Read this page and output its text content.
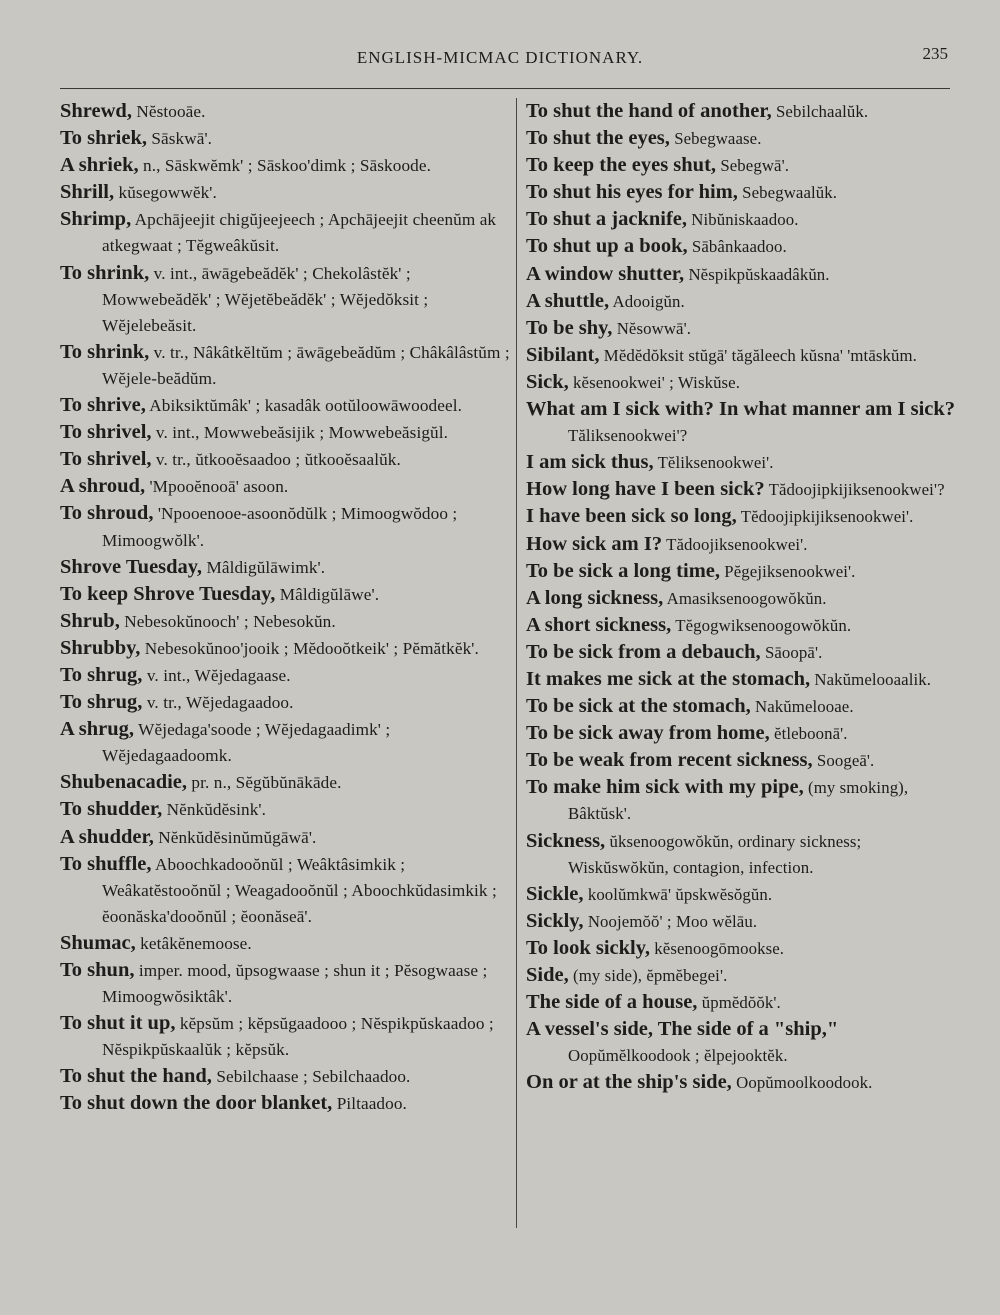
ENGLISH-MICMAC DICTIONARY.	235
Shrewd, Nĕstooāe.
To shriek, Sāskwā'.
A shriek, n., Sāskwĕmk' ; Sāskoo'dimk ; Sāskoode.
Shrill, kŭsegowwĕk'.
Shrimp, Apchājeejit chigŭjeejeech ; Apchājeejit cheenŭm ak atkegwaat ; Tĕgweâkŭsit.
To shrink, v. int., āwāgebeădĕk' ; Chekolâstĕk' ; Mowwebeădĕk' ; Wĕjetĕbeădĕk' ; Wĕjedŏksit ; Wĕjelebeăsit.
To shrink, v. tr., Nâkâtkĕltŭm ; āwāgebeădŭm ; Châkâlâstŭm ; Wĕjele-beădŭm.
To shrive, Abiksiktŭmâk' ; kasadâk ootŭloowāwoodeel.
To shrivel, v. int., Mowwebeăsijik ; Mowwebeăsigŭl.
To shrivel, v. tr., ŭtkooĕsaadoo ; ŭtkooĕsaalŭk.
A shroud, 'Mpooĕnooā' asoon.
To shroud, 'Npooenooe-asoonŏdŭlk ; Mimoogwŏdoo ; Mimoogwŏlk'.
Shrove Tuesday, Mâldigŭlāwimk'.
To keep Shrove Tuesday, Mâldigŭlāwe'.
Shrub, Nebesokŭnooch' ; Nebesokŭn.
Shrubby, Nebesokŭnoo'jooik ; Mĕdooŏtkeik' ; Pĕmătkĕk'.
To shrug, v. int., Wĕjedagaase.
To shrug, v. tr., Wĕjedagaadoo.
A shrug, Wĕjedaga'soode ; Wĕjedagaadimk' ; Wĕjedagaadoomk.
Shubenacadie, pr. n., Sĕgŭbŭnākāde.
To shudder, Nĕnkŭdĕsink'.
A shudder, Nĕnkŭdĕsinŭmŭgāwā'.
To shuffle, Aboochkadooŏnŭl ; Weâktâsimkik ; Weâkatĕstooŏnŭl ; Weagadooŏnŭl ; Aboochkŭdasimkik ; ĕoonăska'dooŏnŭl ; ĕoonăseā'.
Shumac, ketâkĕnemoose.
To shun, imper. mood, ŭpsogwaase ; shun it ; Pĕsogwaase ; Mimoogwŏsiktâk'.
To shut it up, kĕpsŭm ; kĕpsŭgaadooo ; Nĕspikpŭskaadoo ; Nĕspikpŭskaalŭk ; kĕpsŭk.
To shut the hand, Sebilchaase ; Sebilchaadoo.
To shut down the door blanket, Piltaadoo.
To shut the hand of another, Sebilchaalŭk.
To shut the eyes, Sebegwaase.
To keep the eyes shut, Sebegwā'.
To shut his eyes for him, Sebegwaalŭk.
To shut a jacknife, Nibŭniskaadoo.
To shut up a book, Sābânkaadoo.
A window shutter, Nĕspikpŭskaadâkŭn.
A shuttle, Adooigŭn.
To be shy, Nĕsowwā'.
Sibilant, Mĕdĕdŏksit stŭgā' tăgăleech kŭsna' 'mtāskŭm.
Sick, kĕsenookwei' ; Wiskŭse.
What am I sick with? In what manner am I sick? Tăliksenookwei'?
I am sick thus, Tĕliksenookwei'.
How long have I been sick? Tădoojipkijiksenookwei'?
I have been sick so long, Tĕdoojipkijiksenookwei'.
How sick am I? Tădoojiksenookwei'.
To be sick a long time, Pĕgejiksenookwei'.
A long sickness, Amasiksenoogowŏkŭn.
A short sickness, Tĕgogwiksenoogowŏkŭn.
To be sick from a debauch, Sāoopā'.
It makes me sick at the stomach, Nakŭmelooaalik.
To be sick at the stomach, Nakŭmelooae.
To be sick away from home, ĕtleboonā'.
To be weak from recent sickness, Soogeā'.
To make him sick with my pipe, (my smoking), Bâktŭsk'.
Sickness, ŭksenoogowŏkŭn, ordinary sickness; Wiskŭswŏkŭn, contagion, infection.
Sickle, koolŭmkwā' ŭpskwĕsŏgŭn.
Sickly, Noojemŏŏ' ; Moo wĕlāu.
To look sickly, kĕsenoogōmookse.
Side, (my side), ĕpmĕbegei'.
The side of a house, ŭpmĕdŏŏk'.
A vessel's side, The side of a "ship," Oopŭmĕlkoodook ; ĕlpejooktĕk.
On or at the ship's side, Oopŭmoolkoodook.
